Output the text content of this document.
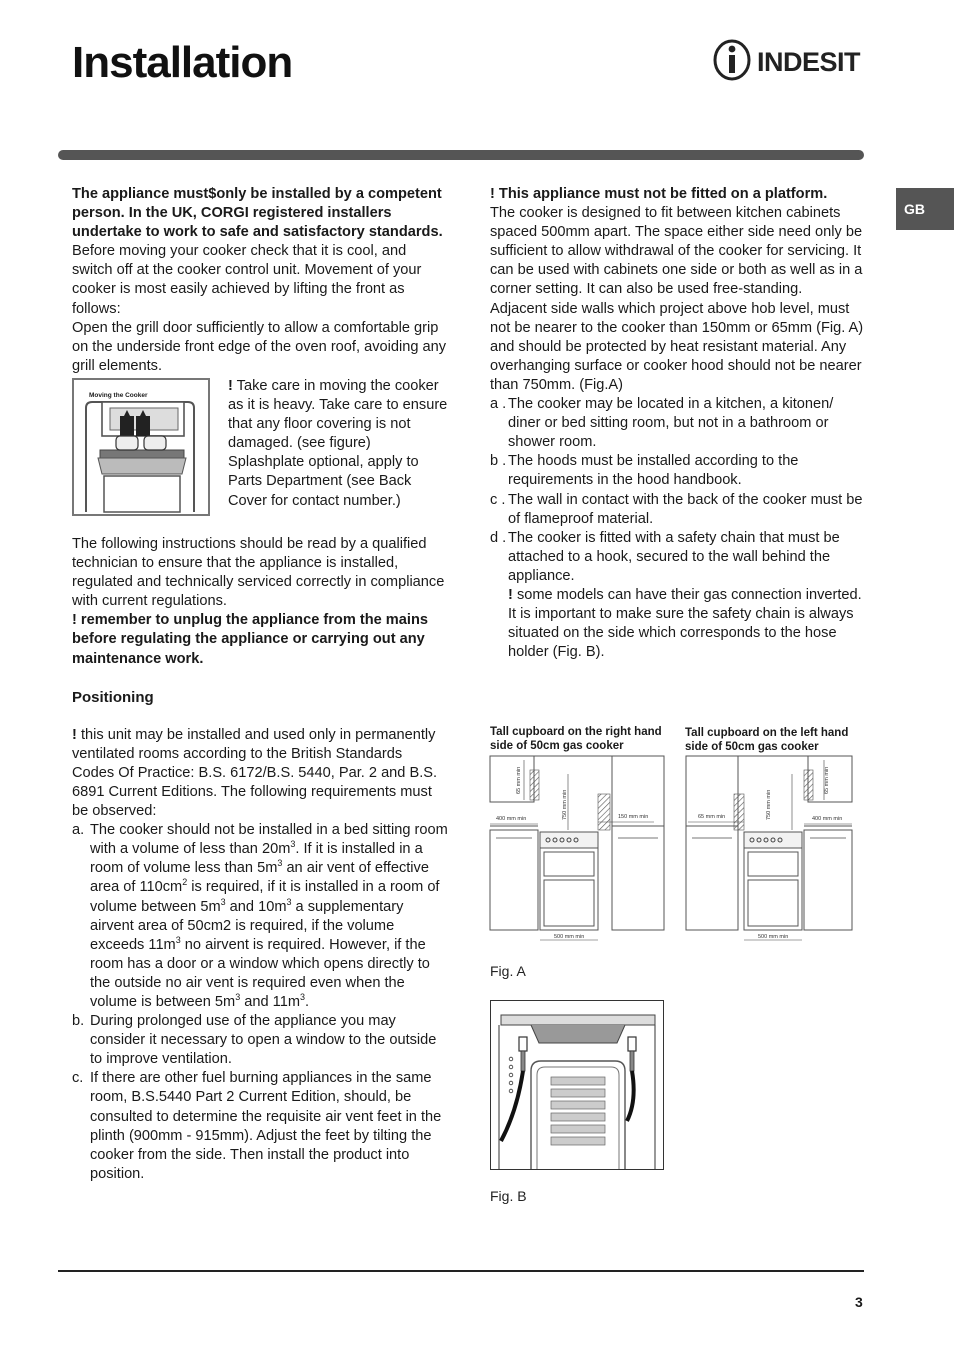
Installation	INDESIT
GB

The appliance must$only be installed by a competent person. In the UK, CORGI registered installers undertake to work to safe and satisfactory standards.

Before moving your cooker check that it is cool, and switch off at the cooker control unit. Movement of your cooker is most easily achieved by lifting the front as follows:

Open the grill door sufficiently to allow a comfortable grip on the underside front edge of the oven roof, avoiding any grill elements.

Moving the Cooker

! Take care in moving the cooker as it is heavy. Take care to ensure that any floor covering is not damaged. (see figure)

Splashplate optional, apply to Parts Department (see Back Cover for contact number.)

The following instructions should be read by a qualified technician to ensure that the appliance is installed, regulated and technically serviced correctly in compliance with current regulations.

! remember to unplug the appliance from the mains before regulating the appliance or carrying out any maintenance work.

Positioning

! this unit may be installed and used only in permanently ventilated rooms according to the British Standards Codes Of Practice: B.S. 6172/B.S. 5440, Par. 2 and B.S. 6891 Current Editions. The following requirements must be observed:

a. The cooker should not be installed in a bed sitting room with a volume of less than $20m^3$. If it is installed in a room of volume less than $5m^3$ an air vent of effective area of $110cm^2$ is required, if it is installed in a room of volume between $5m^3$ and $10m^3$ a supplementary airvent area of 50cm2 is required, if the volume exceeds $11m^3$ no airvent is required. However, if the room has a door or a window which opens directly to the outside no air vent is required even when the volume is between $5m^3$ and $11m^3$.
b. During prolonged use of the appliance you may consider it necessary to open a window to the outside to improve ventilation.
c. If there are other fuel burning appliances in the same room, B.S.5440 Part 2 Current Edition, should, be consulted to determine the requisite air vent feet in the plinth (900mm - 915mm). Adjust the feet by tilting the cooker from the side. Then install the product into position.

! This appliance must not be fitted on a platform.

The cooker is designed to fit between kitchen cabinets spaced 500mm apart. The space either side need only be sufficient to allow withdrawal of the cooker for servicing. It can be used with cabinets one side or both as well as in a corner setting. It can also be used free-standing.

Adjacent side walls which project above hob level, must not be nearer to the cooker than 150mm or 65mm (Fig. A) and should be protected by heat resistant material. Any overhanging surface or cooker hood should not be nearer than 750mm. (Fig.A)

a . The cooker may be located in a kitchen, a kitonen/ diner or bed sitting room, but not in a bathroom or shower room.
b . The hoods must be installed according to the requirements in the hood handbook.
c . The wall in contact with the back of the cooker must be of flameproof material.
d . The cooker is fitted with a safety chain that must be attached to a hook, secured to the wall behind the appliance.

! some models can have their gas connection inverted. It is important to make sure the safety chain is always situated on the side which corresponds to the hose holder (Fig. B).

Tall cupboard on the right hand side of 50cm gas cooker
Tall cupboard on the left hand side of 50cm gas cooker
65 mm min
750 mm min
400 mm min	150 mm min
500 mm min
65 mm min
750 mm min
65 mm min	400 mm min
500 mm min
Fig. A
Fig. B
3
